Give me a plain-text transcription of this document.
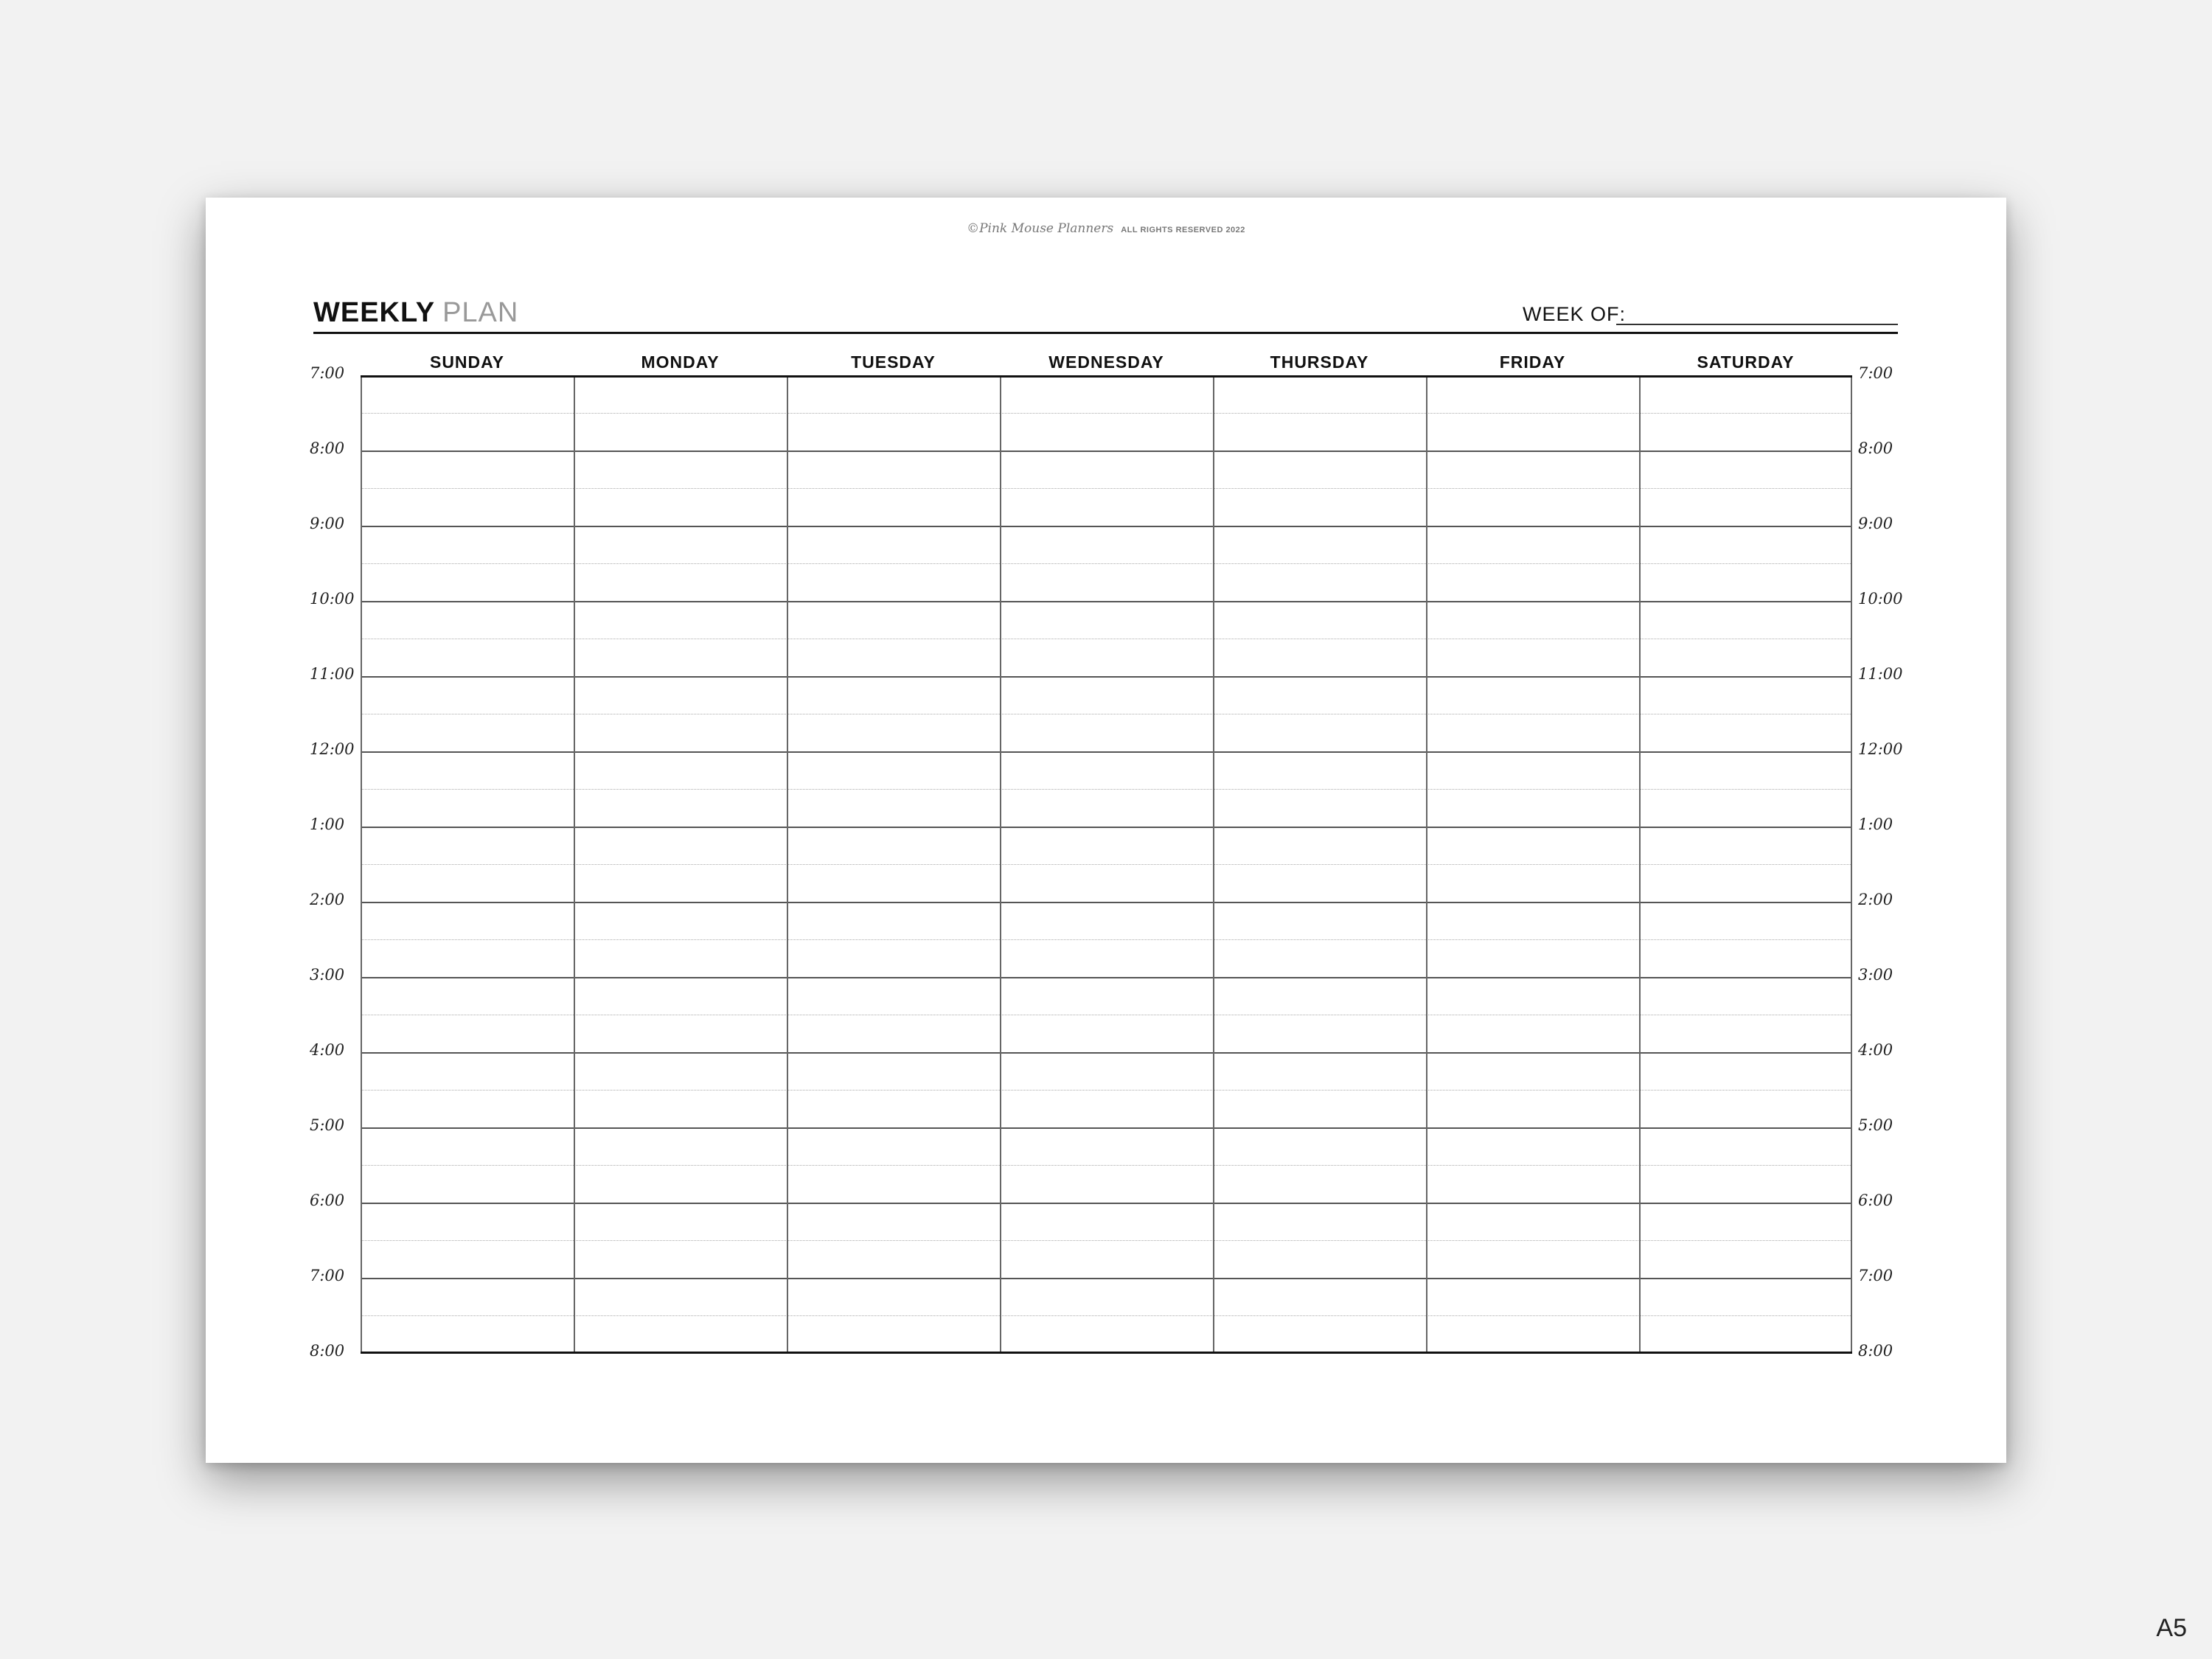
©Pink Mouse Planners ALL RIGHTS RESERVED 2022
WEEKLY PLAN	WEEK OF:
SUNDAY	MONDAY	TUESDAY	WEDNESDAY	THURSDAY	FRIDAY	SATURDAY
7:00	7:00
8:00	8:00
9:00	9:00
10:00	10:00
11:00	11:00
12:00	12:00
1:00	1:00
2:00	2:00
3:00	3:00
4:00	4:00
5:00	5:00
6:00	6:00
7:00	7:00
8:00	8:00
A5
